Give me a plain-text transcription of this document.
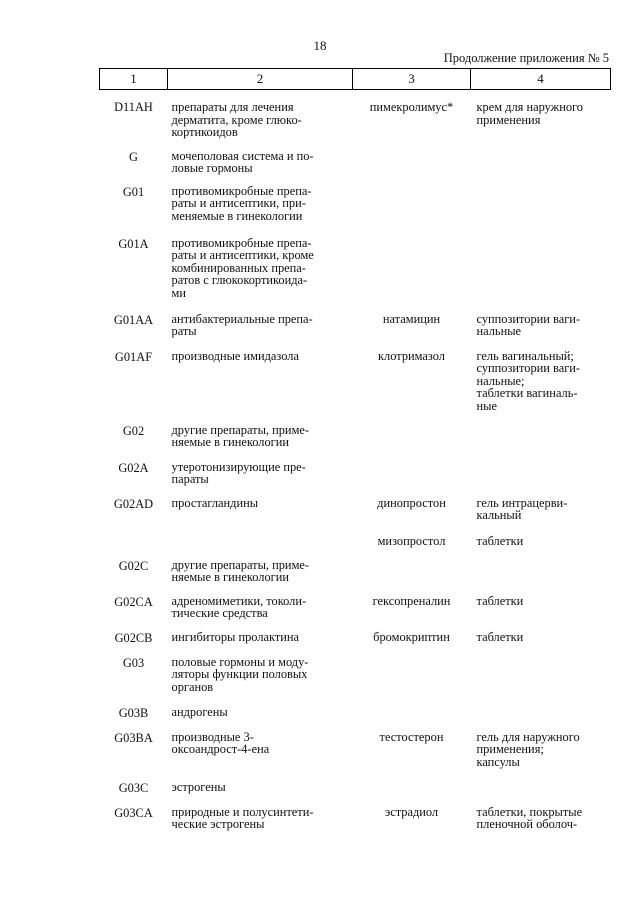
18
Продолжение приложения № 5
1	2	3	4
D11AH	препараты для лечения
дерматита, кроме глюко-
кортикоидов	пимекролимус*	крем для наружного
применения

G	мочеполовая система и по-
ловые гормоны		

G01	противомикробные препа-
раты и антисептики, при-
меняемые в гинекологии		

G01A	противомикробные препа-
раты и антисептики, кроме
комбинированных препа-
ратов с глюкокортикоида-
ми		

G01AA	антибактериальные препа-
раты	натамицин	суппозитории ваги-
нальные

G01AF	производные имидазола	клотримазол	гель вагинальный;
суппозитории ваги-
нальные;
таблетки вагиналь-
ные

G02	другие препараты, приме-
няемые в гинекологии		

G02A	утеротонизирующие пре-
параты		

G02AD	простагландины	динопростон	гель интрацерви-
кальный

		мизопростол	таблетки

G02C	другие препараты, приме-
няемые в гинекологии		

G02CA	адреномиметики, токоли-
тические средства	гексопреналин	таблетки

G02CB	ингибиторы пролактина	бромокриптин	таблетки

G03	половые гормоны и моду-
ляторы функции половых
органов		

G03B	андрогены		

G03BA	производные 3-
оксоандрост-4-ена	тестостерон	гель для наружного
применения;
капсулы

G03C	эстрогены		

G03CA	природные и полусинтети-
ческие эстрогены	эстрадиол	таблетки, покрытые
пленочной оболоч-
